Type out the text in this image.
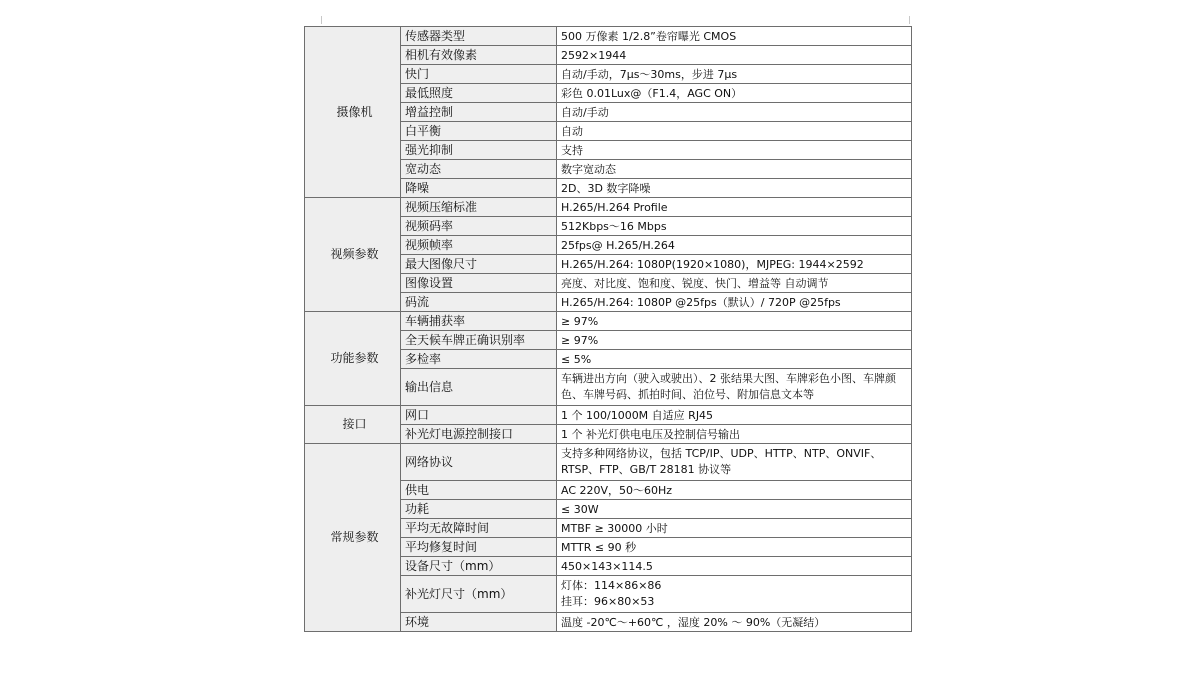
摄像机	传感器类型	500 万像素 1/2.8”卷帘曝光 CMOS
	相机有效像素	2592×1944
	快门	自动/手动，7μs～30ms，步进 7μs
	最低照度	彩色 0.01Lux@（F1.4，AGC ON）
	增益控制	自动/手动
	白平衡	自动
	强光抑制	支持
	宽动态	数字宽动态
	降噪	2D、3D 数字降噪
视频参数	视频压缩标准	H.265/H.264 Profile
	视频码率	512Kbps～16 Mbps
	视频帧率	25fps@ H.265/H.264
	最大图像尺寸	H.265/H.264: 1080P(1920×1080)，MJPEG: 1944×2592
	图像设置	亮度、对比度、饱和度、锐度、快门、增益等 自动调节
	码流	H.265/H.264: 1080P @25fps（默认）/ 720P @25fps
功能参数	车辆捕获率	≥ 97%
	全天候车牌正确识别率	≥ 97%
	多检率	≤ 5%
	输出信息	车辆进出方向（驶入或驶出）、2 张结果大图、车牌彩色小图、车牌颜色、车牌号码、抓拍时间、泊位号、附加信息文本等
接口	网口	1 个 100/1000M 自适应 RJ45
	补光灯电源控制接口	1 个 补光灯供电电压及控制信号输出
常规参数	网络协议	支持多种网络协议，包括 TCP/IP、UDP、HTTP、NTP、ONVIF、RTSP、FTP、GB/T 28181 协议等
	供电	AC 220V，50～60Hz
	功耗	≤ 30W
	平均无故障时间	MTBF ≥ 30000 小时
	平均修复时间	MTTR ≤ 90 秒
	设备尺寸（mm）	450×143×114.5
	补光灯尺寸（mm）	灯体：114×86×86
挂耳：96×80×53

	环境	温度 -20℃～+60℃ ，湿度 20% ～ 90%（无凝结）
